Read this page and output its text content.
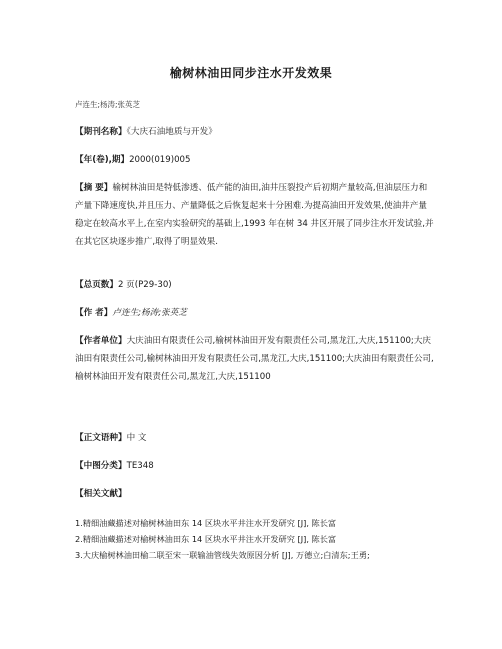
榆树林油田同步注水开发效果
卢连生;杨涛;张英芝
【期刊名称】《大庆石油地质与开发》
【年(卷),期】2000(019)005
【摘 要】榆树林油田是特低渗透、低产能的油田,油井压裂投产后初期产量较高,但油层压力和产量下降速度快,并且压力、产量降低之后恢复起来十分困难.为提高油田开发效果,使油井产量稳定在较高水平上,在室内实验研究的基础上,1993 年在树 34 井区开展了同步注水开发试验,并在其它区块逐步推广,取得了明显效果.
【总页数】2 页(P29-30)
【作 者】卢连生;杨涛;张英芝
【作者单位】大庆油田有限责任公司,榆树林油田开发有限责任公司,黑龙江,大庆,151100;大庆油田有限责任公司,榆树林油田开发有限责任公司,黑龙江,大庆,151100;大庆油田有限责任公司,榆树林油田开发有限责任公司,黑龙江,大庆,151100
【正文语种】中 文
【中图分类】TE348
【相关文献】
1.精细油藏描述对榆树林油田东 14 区块水平井注水开发研究 [J], 陈长富
2.精细油藏描述对榆树林油田东 14 区块水平井注水开发研究 [J], 陈长富
3.大庆榆树林油田榆二联至宋一联输油管线失效原因分析 [J], 万德立;白清东;王勇;
